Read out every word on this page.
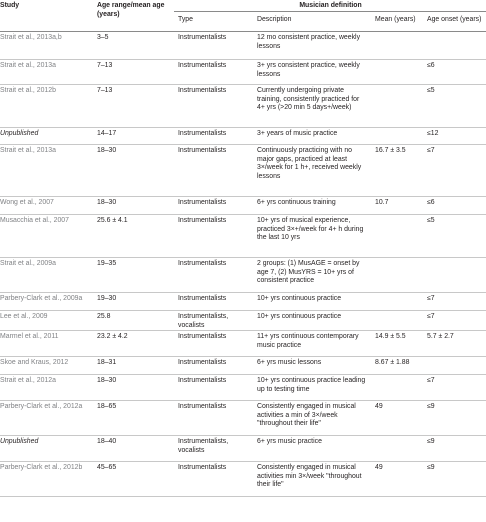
Study	Age range/mean age (years)	Musician definition			
		Type	Description	Mean (years)	Age onset (years)
Strait et al., 2013a,b	3–5	Instrumentalists	12 mo consistent practice, weekly lessons		
Strait et al., 2013a	7–13	Instrumentalists	3+ yrs consistent practice, weekly lessons		≤6
Strait et al., 2012b	7–13	Instrumentalists	Currently undergoing private training, consistently practiced for 4+ yrs (>20 min 5 days+/week)		≤5
Unpublished	14–17	Instrumentalists	3+ years of music practice		≤12
Strait et al., 2013a	18–30	Instrumentalists	Continuously practicing with no major gaps, practiced at least 3×/week for 1 h+, received weekly lessons	16.7 ± 3.5	≤7
Wong et al., 2007	18–30	Instrumentalists	6+ yrs continuous training	10.7	≤6
Musacchia et al., 2007	25.6 ± 4.1	Instrumentalists	10+ yrs of musical experience, practiced 3×+/week for 4+ h during the last 10 yrs		≤5
Strait et al., 2009a	19–35	Instrumentalists	2 groups: (1) MusAGE = onset by age 7, (2) MusYRS = 10+ yrs of consistent practice		
Parbery-Clark et al., 2009a	19–30	Instrumentalists	10+ yrs continuous practice		≤7
Lee et al., 2009	25.8	Instrumentalists, vocalists	10+ yrs continuous practice		≤7
Marmel et al., 2011	23.2 ± 4.2	Instrumentalists	11+ yrs continuous contemporary music practice	14.9 ± 5.5	5.7 ± 2.7
Skoe and Kraus, 2012	18–31	Instrumentalists	6+ yrs music lessons	8.67 ± 1.88	
Strait et al., 2012a	18–30	Instrumentalists	10+ yrs continuous practice leading up to testing time		≤7
Parbery-Clark et al., 2012a	18–65	Instrumentalists	Consistently engaged in musical activities a min of 3×/week "throughout their life"	49	≤9
Unpublished	18–40	Instrumentalists, vocalists	6+ yrs music practice		≤9
Parbery-Clark et al., 2012b	45–65	Instrumentalists	Consistently engaged in musical activities min 3×/week "throughout their life"	49	≤9
